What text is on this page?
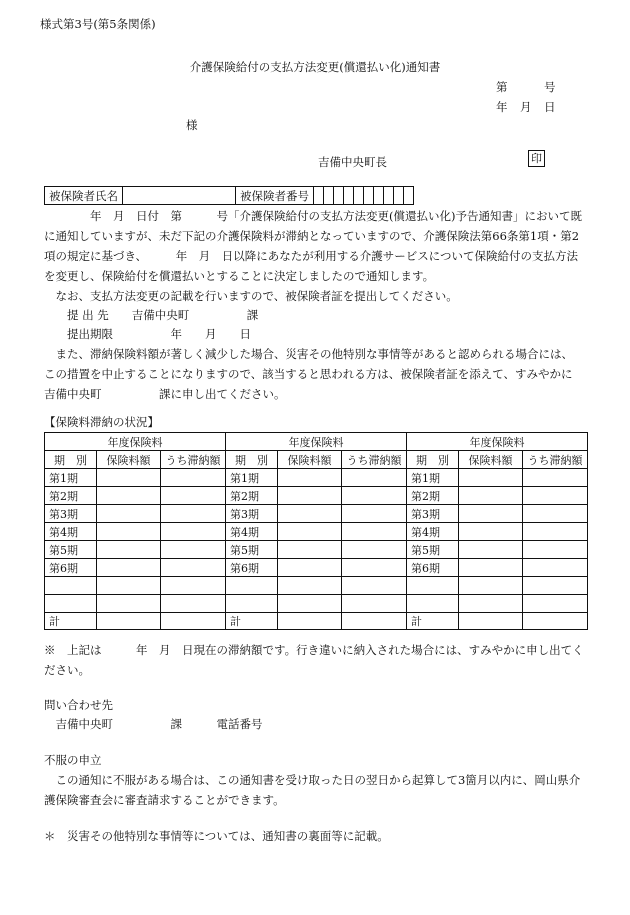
様式第3号(第5条関係)
介護保険給付の支払方法変更(償還払い化)通知書
第	号
年 月 日
様
吉備中央町長	印
被保険者氏名		被保険者番号										
　　　　年　月　日付　第　　　号「介護保険給付の支払方法変更(償還払い化)予告通知書」において既に通知していますが、未だ下記の介護保険料が滞納となっていますので、介護保険法第66条第1項・第2項の規定に基づき、　　　年　月　日以降にあなたが利用する介護サービスについて保険給付の支払方法を変更し、保険給付を償還払いとすることに決定しましたので通知します。
　なお、支払方法変更の記載を行いますので、被保険者証を提出してください。
　　提 出 先　　吉備中央町　　　　　課
　　提出期限　　　　　年　　月　　日
　また、滞納保険料額が著しく減少した場合、災害その他特別な事情等があると認められる場合には、この措置を中止することになりますので、該当すると思われる方は、被保険者証を添えて、すみやかに吉備中央町　　　　　課に申し出てください。
【保険料滞納の状況】
年度保険料			年度保険料			年度保険料		
期　別	保険料額	うち滞納額	期　別	保険料額	うち滞納額	期　別	保険料額	うち滞納額
第1期			第1期			第1期		
第2期			第2期			第2期		
第3期			第3期			第3期		
第4期			第4期			第4期		
第5期			第5期			第5期		
第6期			第6期			第6期		

計			計			計		
※　上記は　　　年　月　日現在の滞納額です。行き違いに納入された場合には、すみやかに申し出てください。
問い合わせ先
　吉備中央町　　　　　課　　　電話番号
不服の申立
　この通知に不服がある場合は、この通知書を受け取った日の翌日から起算して3箇月以内に、岡山県介護保険審査会に審査請求することができます。
＊　災害その他特別な事情等については、通知書の裏面等に記載。
